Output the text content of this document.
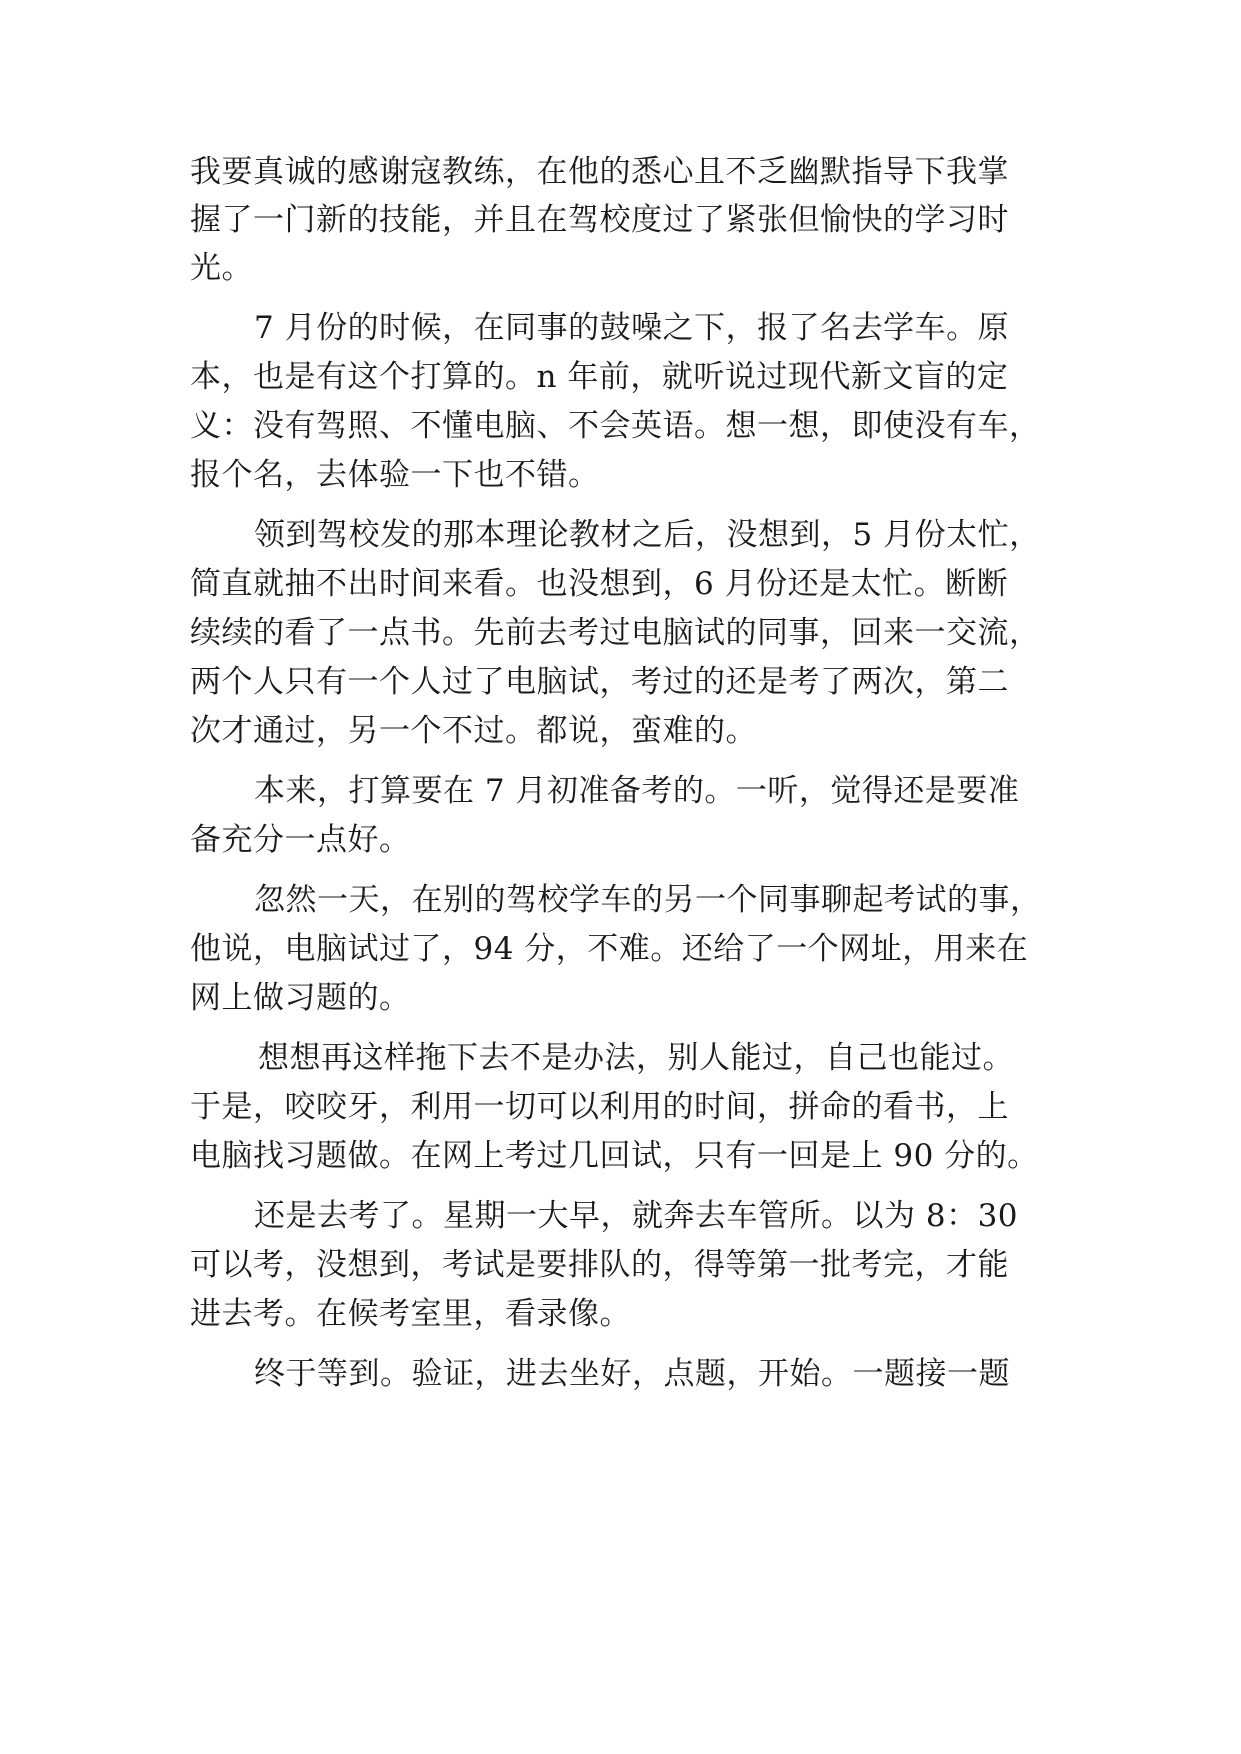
我要真诚的感谢寇教练，在他的悉心且不乏幽默指导下我掌
握了一门新的技能，并且在驾校度过了紧张但愉快的学习时
光。
7 月份的时候，在同事的鼓噪之下，报了名去学车。原
本，也是有这个打算的。n 年前，就听说过现代新文盲的定
义：没有驾照、不懂电脑、不会英语。想一想，即使没有车，
报个名，去体验一下也不错。
领到驾校发的那本理论教材之后，没想到，5 月份太忙，
简直就抽不出时间来看。也没想到，6 月份还是太忙。断断
续续的看了一点书。先前去考过电脑试的同事，回来一交流，
两个人只有一个人过了电脑试，考过的还是考了两次，第二
次才通过，另一个不过。都说，蛮难的。
本来，打算要在 7 月初准备考的。一听，觉得还是要准
备充分一点好。
忽然一天，在别的驾校学车的另一个同事聊起考试的事，
他说，电脑试过了，94 分，不难。还给了一个网址，用来在
网上做习题的。
想想再这样拖下去不是办法，别人能过，自己也能过。
于是，咬咬牙，利用一切可以利用的时间，拼命的看书，上
电脑找习题做。在网上考过几回试，只有一回是上 90 分的。
还是去考了。星期一大早，就奔去车管所。以为 8：30
可以考，没想到，考试是要排队的，得等第一批考完，才能
进去考。在候考室里，看录像。
终于等到。验证，进去坐好，点题，开始。一题接一题
